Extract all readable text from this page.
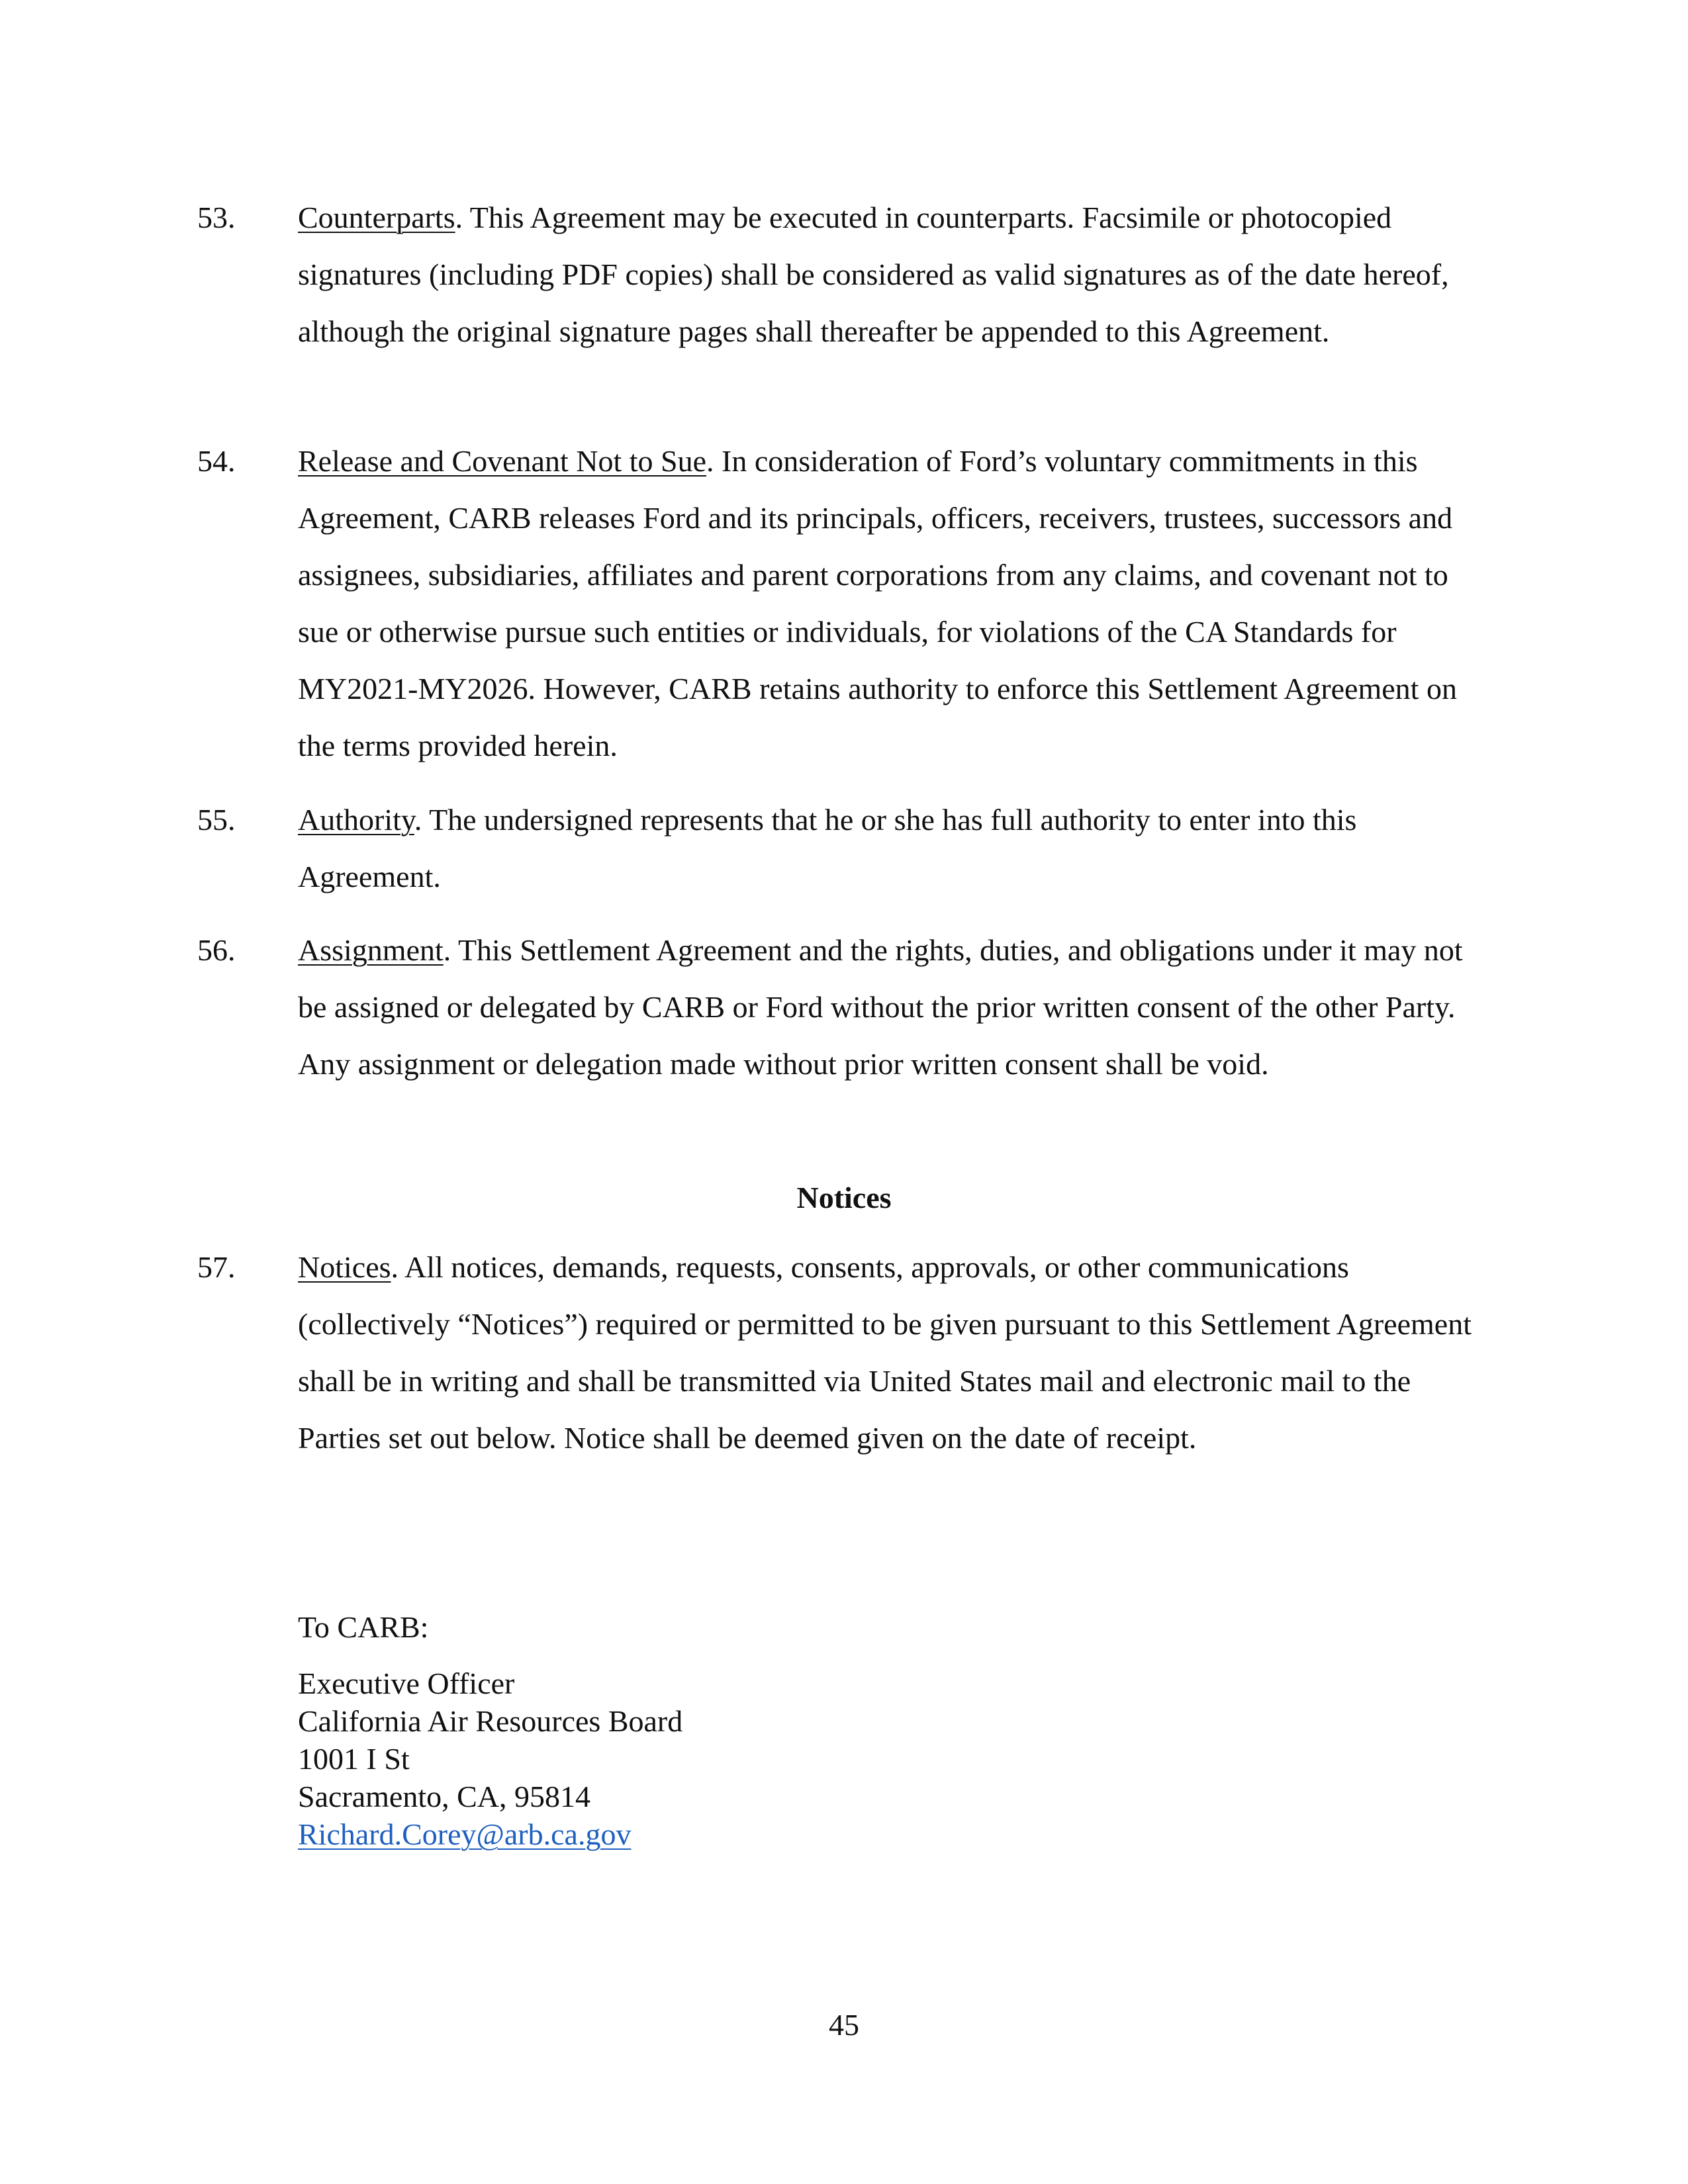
53. Counterparts. This Agreement may be executed in counterparts. Facsimile or photocopied signatures (including PDF copies) shall be considered as valid signatures as of the date hereof, although the original signature pages shall thereafter be appended to this Agreement.
54. Release and Covenant Not to Sue. In consideration of Ford’s voluntary commitments in this Agreement, CARB releases Ford and its principals, officers, receivers, trustees, successors and assignees, subsidiaries, affiliates and parent corporations from any claims, and covenant not to sue or otherwise pursue such entities or individuals, for violations of the CA Standards for MY2021-MY2026. However, CARB retains authority to enforce this Settlement Agreement on the terms provided herein.
55. Authority. The undersigned represents that he or she has full authority to enter into this Agreement.
56. Assignment. This Settlement Agreement and the rights, duties, and obligations under it may not be assigned or delegated by CARB or Ford without the prior written consent of the other Party. Any assignment or delegation made without prior written consent shall be void.
Notices
57. Notices. All notices, demands, requests, consents, approvals, or other communications (collectively “Notices”) required or permitted to be given pursuant to this Settlement Agreement shall be in writing and shall be transmitted via United States mail and electronic mail to the Parties set out below. Notice shall be deemed given on the date of receipt.
To CARB:
Executive Officer
California Air Resources Board
1001 I St
Sacramento, CA, 95814
Richard.Corey@arb.ca.gov
45
